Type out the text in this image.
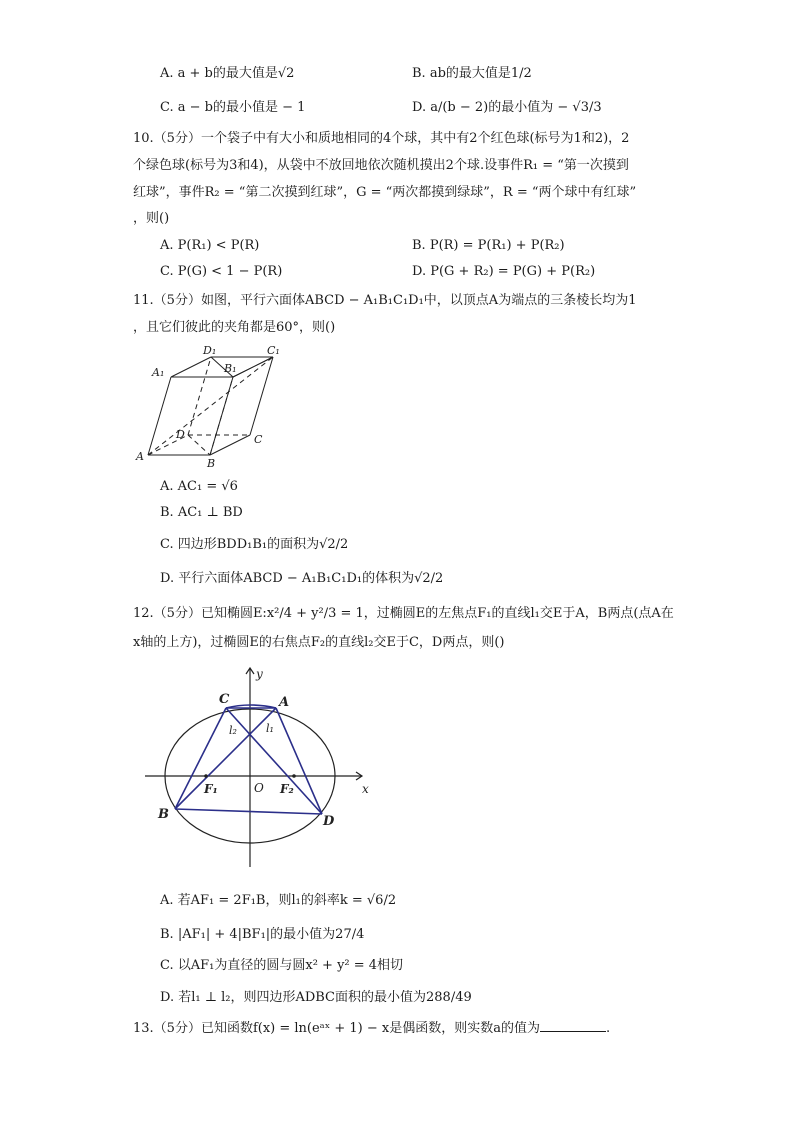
A. a + b的最大值是√2	B. ab的最大值是1/2
C. a − b的最小值是 − 1	D. a/(b − 2)的最小值为 − √3/3
10.（5分）一个袋子中有大小和质地相同的4个球，其中有2个红色球(标号为1和2)，2
个绿色球(标号为3和4)，从袋中不放回地依次随机摸出2个球.设事件R₁ = “第一次摸到
红球”，事件R₂ = “第二次摸到红球”，G = “两次都摸到绿球”，R = “两个球中有红球”
，则()
A. P(R₁) < P(R)	B. P(R) = P(R₁) + P(R₂)
C. P(G) < 1 − P(R)	D. P(G + R₂) = P(G) + P(R₂)
11.（5分）如图，平行六面体ABCD − A₁B₁C₁D₁中，以顶点A为端点的三条棱长均为1
，且它们彼此的夹角都是60°，则()
A
B
C
D
A₁	B₁
C₁
D₁
A. AC₁ = √6
B. AC₁ ⊥ BD
C. 四边形BDD₁B₁的面积为√2/2
D. 平行六面体ABCD − A₁B₁C₁D₁的体积为√2/2
12.（5分）已知椭圆E:x²/4 + y²/3 = 1，过椭圆E的左焦点F₁的直线l₁交E于A，B两点(点A在
x轴的上方)，过椭圆E的右焦点F₂的直线l₂交E于C，D两点，则()
y
x
O
C	A
B	D
F₁	F₂
l₂	l₁
A. 若AF₁ = 2F₁B，则l₁的斜率k = √6/2
B. |AF₁| + 4|BF₁|的最小值为27/4
C. 以AF₁为直径的圆与圆x² + y² = 4相切
D. 若l₁ ⊥ l₂，则四边形ADBC面积的最小值为288/49
13.（5分）已知函数f(x) = ln(eᵃˣ + 1) − x是偶函数，则实数a的值为	.
